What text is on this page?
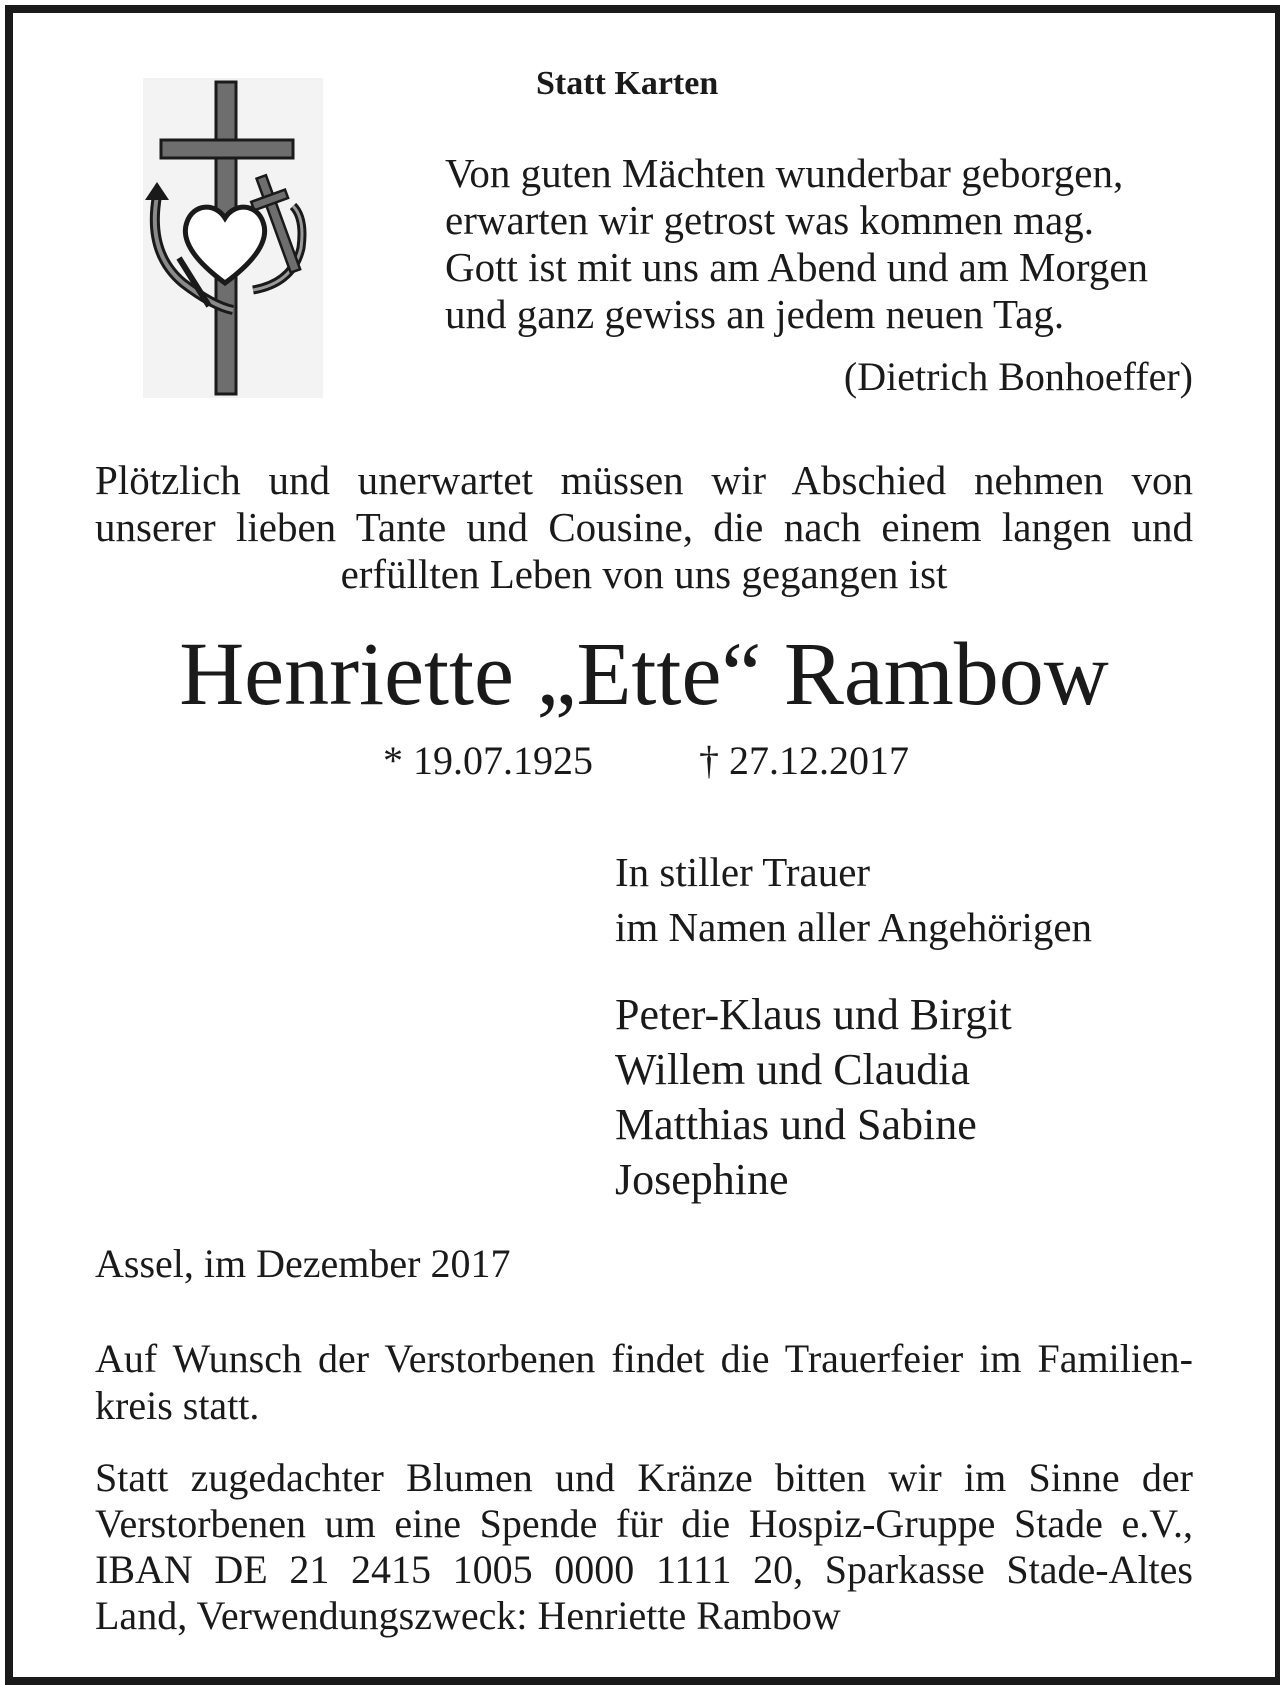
Statt Karten
Von guten Mächten wunderbar geborgen,
erwarten wir getrost was kommen mag.
Gott ist mit uns am Abend und am Morgen
und ganz gewiss an jedem neuen Tag.
(Dietrich Bonhoeffer)
Plötzlich und unerwartet müssen wir Abschied nehmen von
unserer lieben Tante und Cousine, die nach einem langen und
erfüllten Leben von uns gegangen ist
Henriette „Ette“ Rambow
* 19.07.1925	† 27.12.2017
In stiller Trauer
im Namen aller Angehörigen
Peter-Klaus und Birgit
Willem und Claudia
Matthias und Sabine
Josephine
Assel, im Dezember 2017
Auf Wunsch der Verstorbenen findet die Trauerfeier im Familien-
kreis statt.
Statt zugedachter Blumen und Kränze bitten wir im Sinne der
Verstorbenen um eine Spende für die Hospiz-Gruppe Stade e.V.,
IBAN DE 21 2415 1005 0000 1111 20, Sparkasse Stade-Altes
Land, Verwendungszweck: Henriette Rambow
